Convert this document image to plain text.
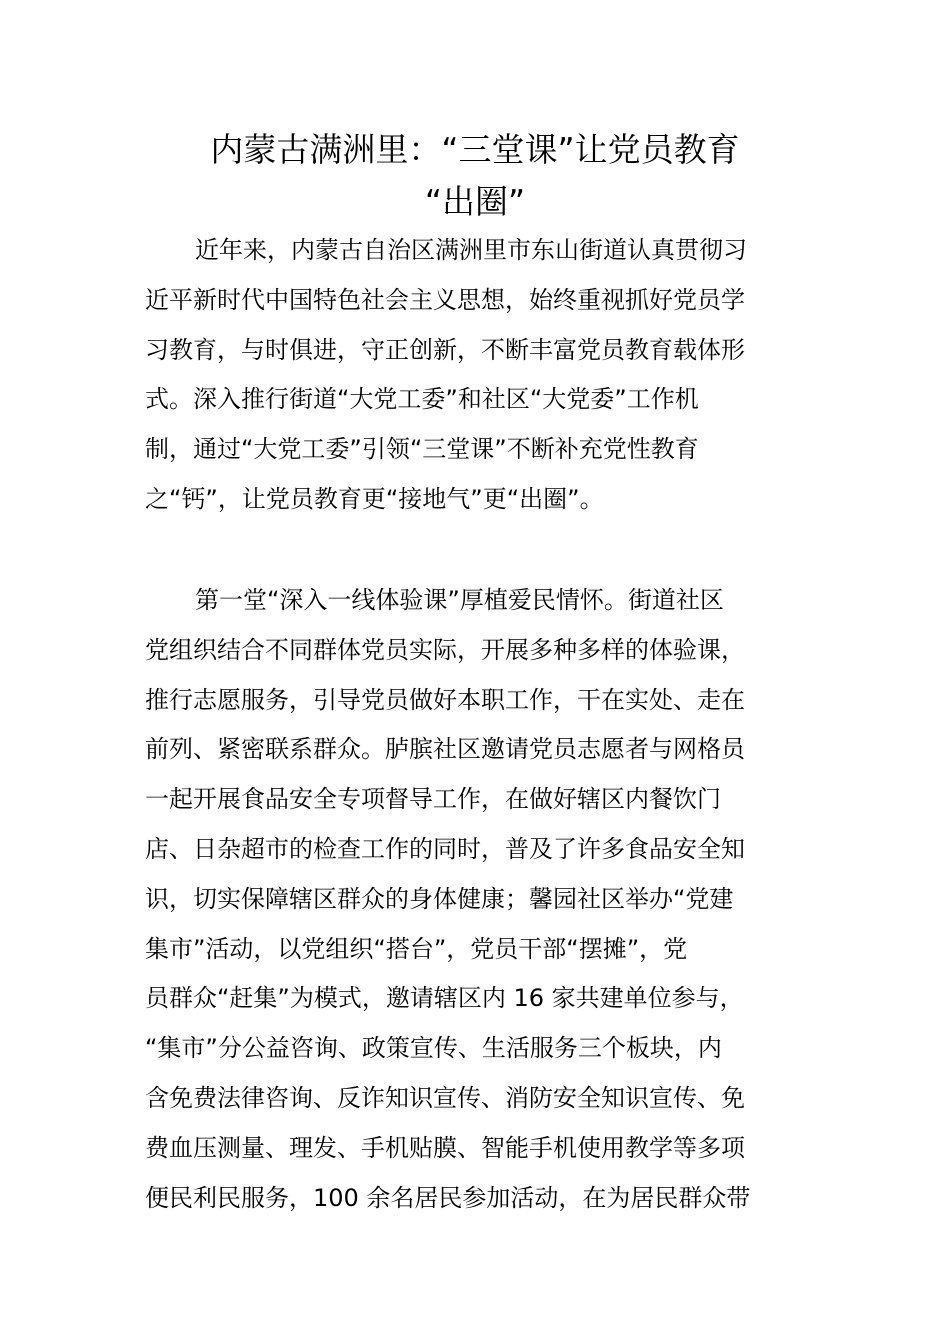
内蒙古满洲里：“三堂课”让党员教育
“出圈”
近年来，内蒙古自治区满洲里市东山街道认真贯彻习
近平新时代中国特色社会主义思想，始终重视抓好党员学
习教育，与时俱进，守正创新，不断丰富党员教育载体形
式。深入推行街道“大党工委”和社区“大党委”工作机
制，通过“大党工委”引领“三堂课”不断补充党性教育
之“钙”，让党员教育更“接地气”更“出圈”。
第一堂“深入一线体验课”厚植爱民情怀。街道社区
党组织结合不同群体党员实际，开展多种多样的体验课，
推行志愿服务，引导党员做好本职工作，干在实处、走在
前列、紧密联系群众。胪膑社区邀请党员志愿者与网格员
一起开展食品安全专项督导工作，在做好辖区内餐饮门
店、日杂超市的检查工作的同时，普及了许多食品安全知
识，切实保障辖区群众的身体健康；馨园社区举办“党建
集市”活动，以党组织“搭台”，党员干部“摆摊”，党
员群众“赶集”为模式，邀请辖区内 16 家共建单位参与，
“集市”分公益咨询、政策宣传、生活服务三个板块，内
含免费法律咨询、反诈知识宣传、消防安全知识宣传、免
费血压测量、理发、手机贴膜、智能手机使用教学等多项
便民利民服务，100 余名居民参加活动，在为居民群众带
